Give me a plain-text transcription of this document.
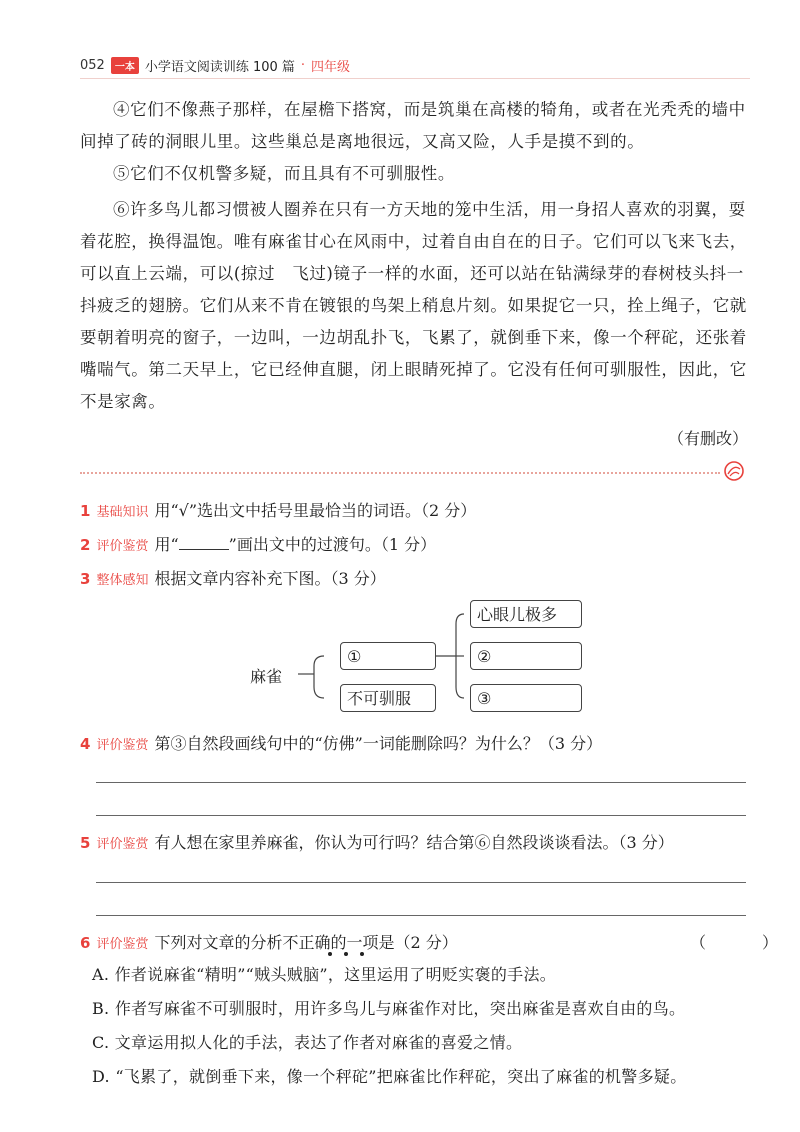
052	一本 小学语文阅读训练 100 篇 · 四年级

④它们不像燕子那样，在屋檐下搭窝，而是筑巢在高楼的犄角，或者在光秃秃的墙中间掉了砖的洞眼儿里。这些巢总是离地很远，又高又险，人手是摸不到的。

⑤它们不仅机警多疑，而且具有不可驯服性。

⑥许多鸟儿都习惯被人圈养在只有一方天地的笼中生活，用一身招人喜欢的羽翼，耍着花腔，换得温饱。唯有麻雀甘心在风雨中，过着自由自在的日子。它们可以飞来飞去，可以直上云端，可以(掠过　飞过)镜子一样的水面，还可以站在钻满绿芽的春树枝头抖一抖疲乏的翅膀。它们从来不肯在镀银的鸟架上稍息片刻。如果捉它一只，拴上绳子，它就要朝着明亮的窗子，一边叫，一边胡乱扑飞，飞累了，就倒垂下来，像一个秤砣，还张着嘴喘气。第二天早上，它已经伸直腿，闭上眼睛死掉了。它没有任何可驯服性，因此，它不是家禽。

（有删改）
1 基础知识 用“√”选出文中括号里最恰当的词语。（2 分）
2 评价鉴赏 用“	”画出文中的过渡句。（1 分）
3 整体感知 根据文章内容补充下图。（3 分）
麻雀
①
不可驯服
心眼儿极多
②
③
4 评价鉴赏 第③自然段画线句中的“仿佛”一词能删除吗？为什么？（3 分）
5 评价鉴赏 有人想在家里养麻雀，你认为可行吗？结合第⑥自然段谈谈看法。（3 分）
6 评价鉴赏 下列对文章的分析不正确的一项是（2 分）	（　）
A. 作者说麻雀“精明”“贼头贼脑”，这里运用了明贬实褒的手法。
B. 作者写麻雀不可驯服时，用许多鸟儿与麻雀作对比，突出麻雀是喜欢自由的鸟。
C. 文章运用拟人化的手法，表达了作者对麻雀的喜爱之情。
D. “飞累了，就倒垂下来，像一个秤砣”把麻雀比作秤砣，突出了麻雀的机警多疑。
